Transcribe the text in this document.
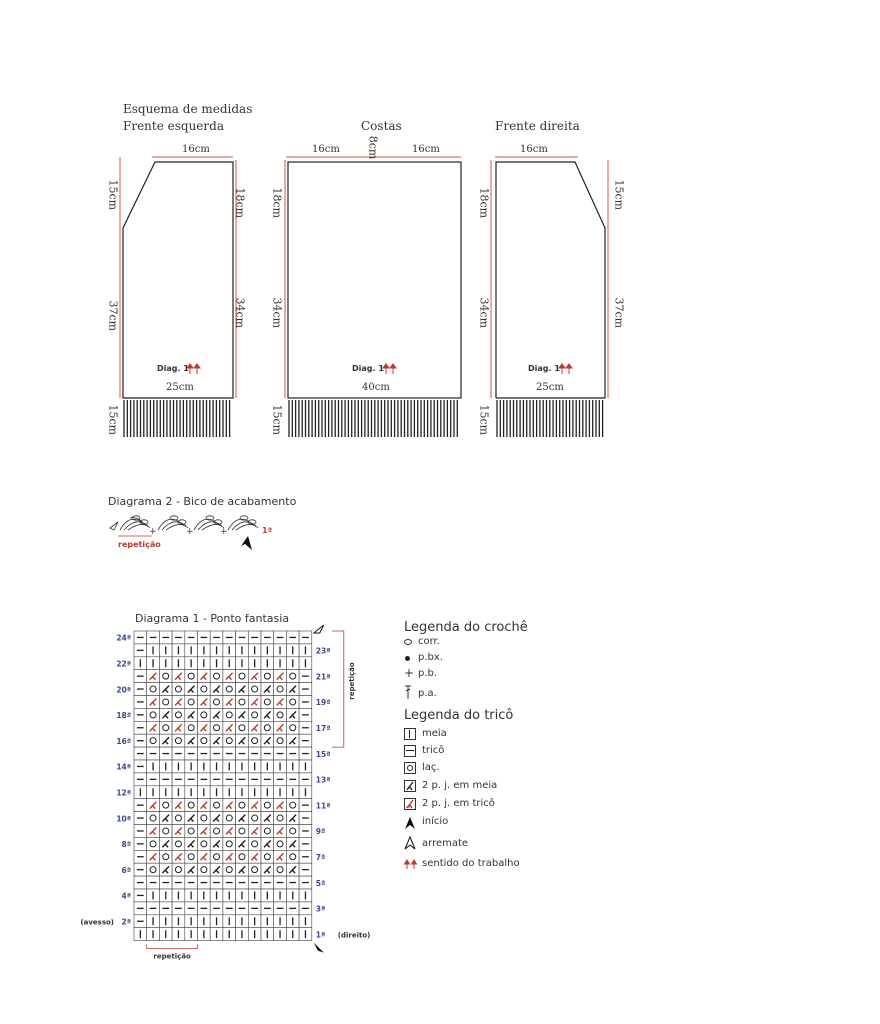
Esquema de medidas
Frente esquerda	Costas	Frente direita
16cm
15cm	18cm
37cm	34cm
Diag. 1
25cm
15cm
16cm 8cm	16cm
18cm
34cm
Diag. 1
40cm
15cm
16cm
18cm	15cm
34cm	37cm
Diag. 1
25cm
15cm
Diagrama 2 - Bico de acabamento
+	+	+
repetição
1ª
Diagrama 1 - Ponto fantasia
24ª
22ª
20ª
18ª
16ª
14ª
12ª
10ª
8ª
6ª
4ª
2ª
23ª
21ª
19ª
17ª
15ª
13ª
11ª
9ª
7ª
5ª
3ª
1ª
(avesso)
(direito)
repetição
repetição
Legenda do crochê
corr.
p.bx.
+ p.b.
p.a.
Legenda do tricô
meia
tricô
laç.
2 p. j. em meia
2 p. j. em tricô
início
arremate
sentido do trabalho
